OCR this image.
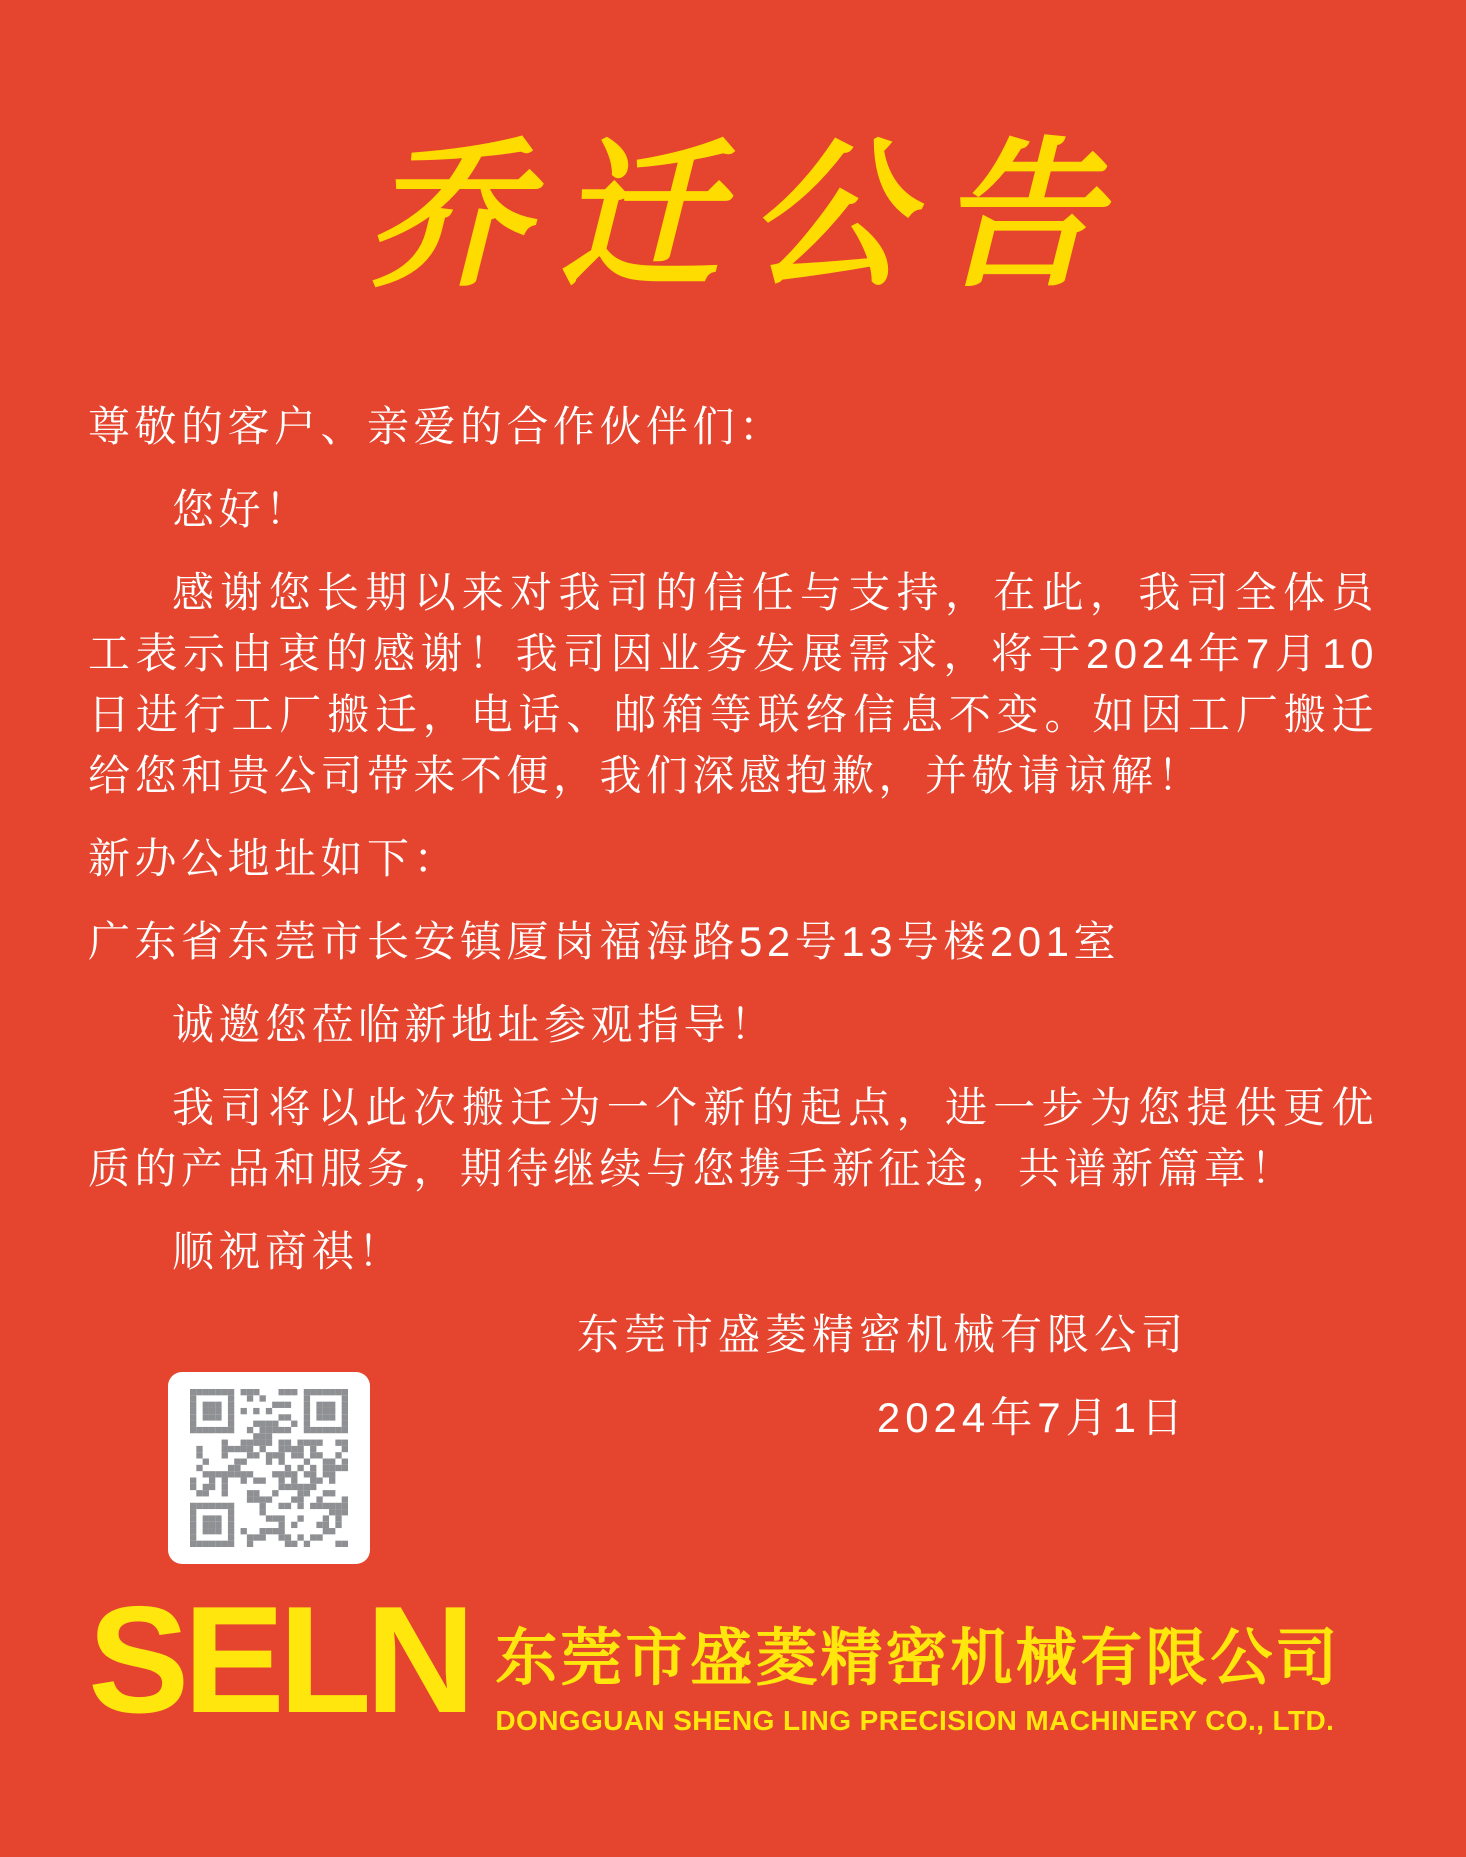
乔迁公告

尊敬的客户、亲爱的合作伙伴们：

您好！

感谢您长期以来对我司的信任与支持，在此，我司全体员工表示由衷的感谢！我司因业务发展需求，将于2024年7月10日进行工厂搬迁，电话、邮箱等联络信息不变。如因工厂搬迁给您和贵公司带来不便，我们深感抱歉，并敬请谅解！

新办公地址如下：

广东省东莞市长安镇厦岗福海路52号13号楼201室

诚邀您莅临新地址参观指导！

我司将以此次搬迁为一个新的起点，进一步为您提供更优质的产品和服务，期待继续与您携手新征途，共谱新篇章！

顺祝商祺！

东莞市盛菱精密机械有限公司

2024年7月1日

SELN 东莞市盛菱精密机械有限公司
DONGGUAN SHENG LING PRECISION MACHINERY CO., LTD.
